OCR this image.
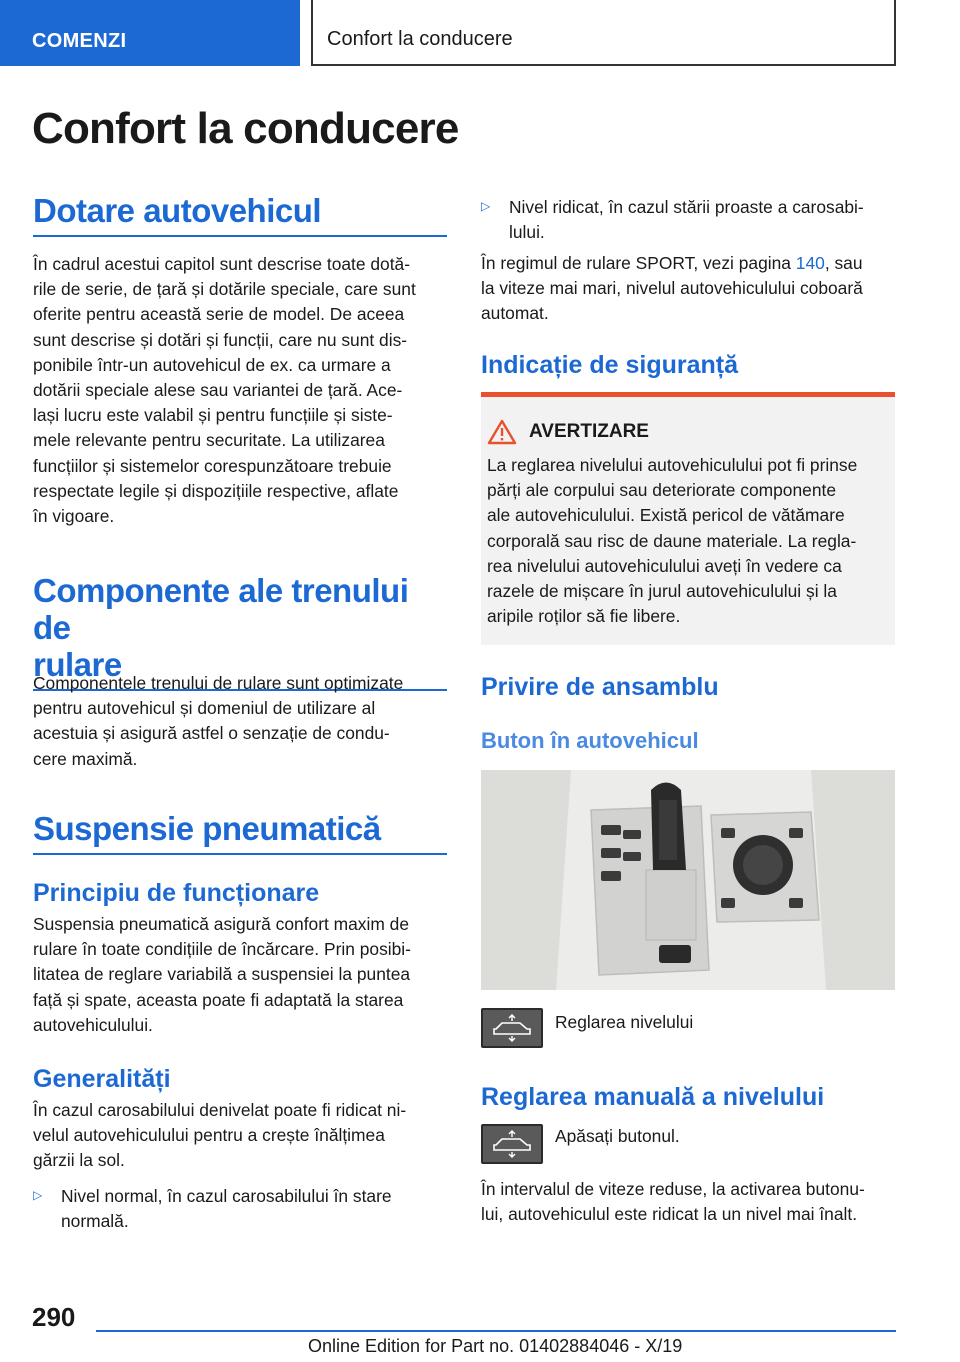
COMENZI	Confort la conducere
Confort la conducere
Dotare autovehicul
În cadrul acestui capitol sunt descrise toate dotă-
rile de serie, de țară și dotările speciale, care sunt
oferite pentru această serie de model. De aceea
sunt descrise și dotări și funcții, care nu sunt dis-
ponibile într-un autovehicul de ex. ca urmare a
dotării speciale alese sau variantei de țară. Ace-
lași lucru este valabil și pentru funcțiile și siste-
mele relevante pentru securitate. La utilizarea
funcțiilor și sistemelor corespunzătoare trebuie
respectate legile și dispozițiile respective, aflate
în vigoare.
Componente ale trenului de
rulare
Componentele trenului de rulare sunt optimizate
pentru autovehicul și domeniul de utilizare al
acestuia și asigură astfel o senzație de condu-
cere maximă.
Suspensie pneumatică
Principiu de funcționare
Suspensia pneumatică asigură confort maxim de
rulare în toate condițiile de încărcare. Prin posibi-
litatea de reglare variabilă a suspensiei la puntea
față și spate, aceasta poate fi adaptată la starea
autovehiculului.
Generalități
În cazul carosabilului denivelat poate fi ridicat ni-
velul autovehiculului pentru a crește înălțimea
gărzii la sol.
▷ Nivel normal, în cazul carosabilului în stare
normală.
▷ Nivel ridicat, în cazul stării proaste a carosabi-
lului.
În regimul de rulare SPORT, vezi pagina 140, sau
la viteze mai mari, nivelul autovehiculului coboară
automat.
Indicație de siguranță
AVERTIZARE
La reglarea nivelului autovehiculului pot fi prinse
părți ale corpului sau deteriorate componente
ale autovehiculului. Există pericol de vătămare
corporală sau risc de daune materiale. La regla-
rea nivelului autovehiculului aveți în vedere ca
razele de mișcare în jurul autovehiculului și la
aripile roților să fie libere.
Privire de ansamblu
Buton în autovehicul
Reglarea nivelului
Reglarea manuală a nivelului
Apăsați butonul.
În intervalul de viteze reduse, la activarea butonu-
lui, autovehiculul este ridicat la un nivel mai înalt.
290
Online Edition for Part no. 01402884046 - X/19
